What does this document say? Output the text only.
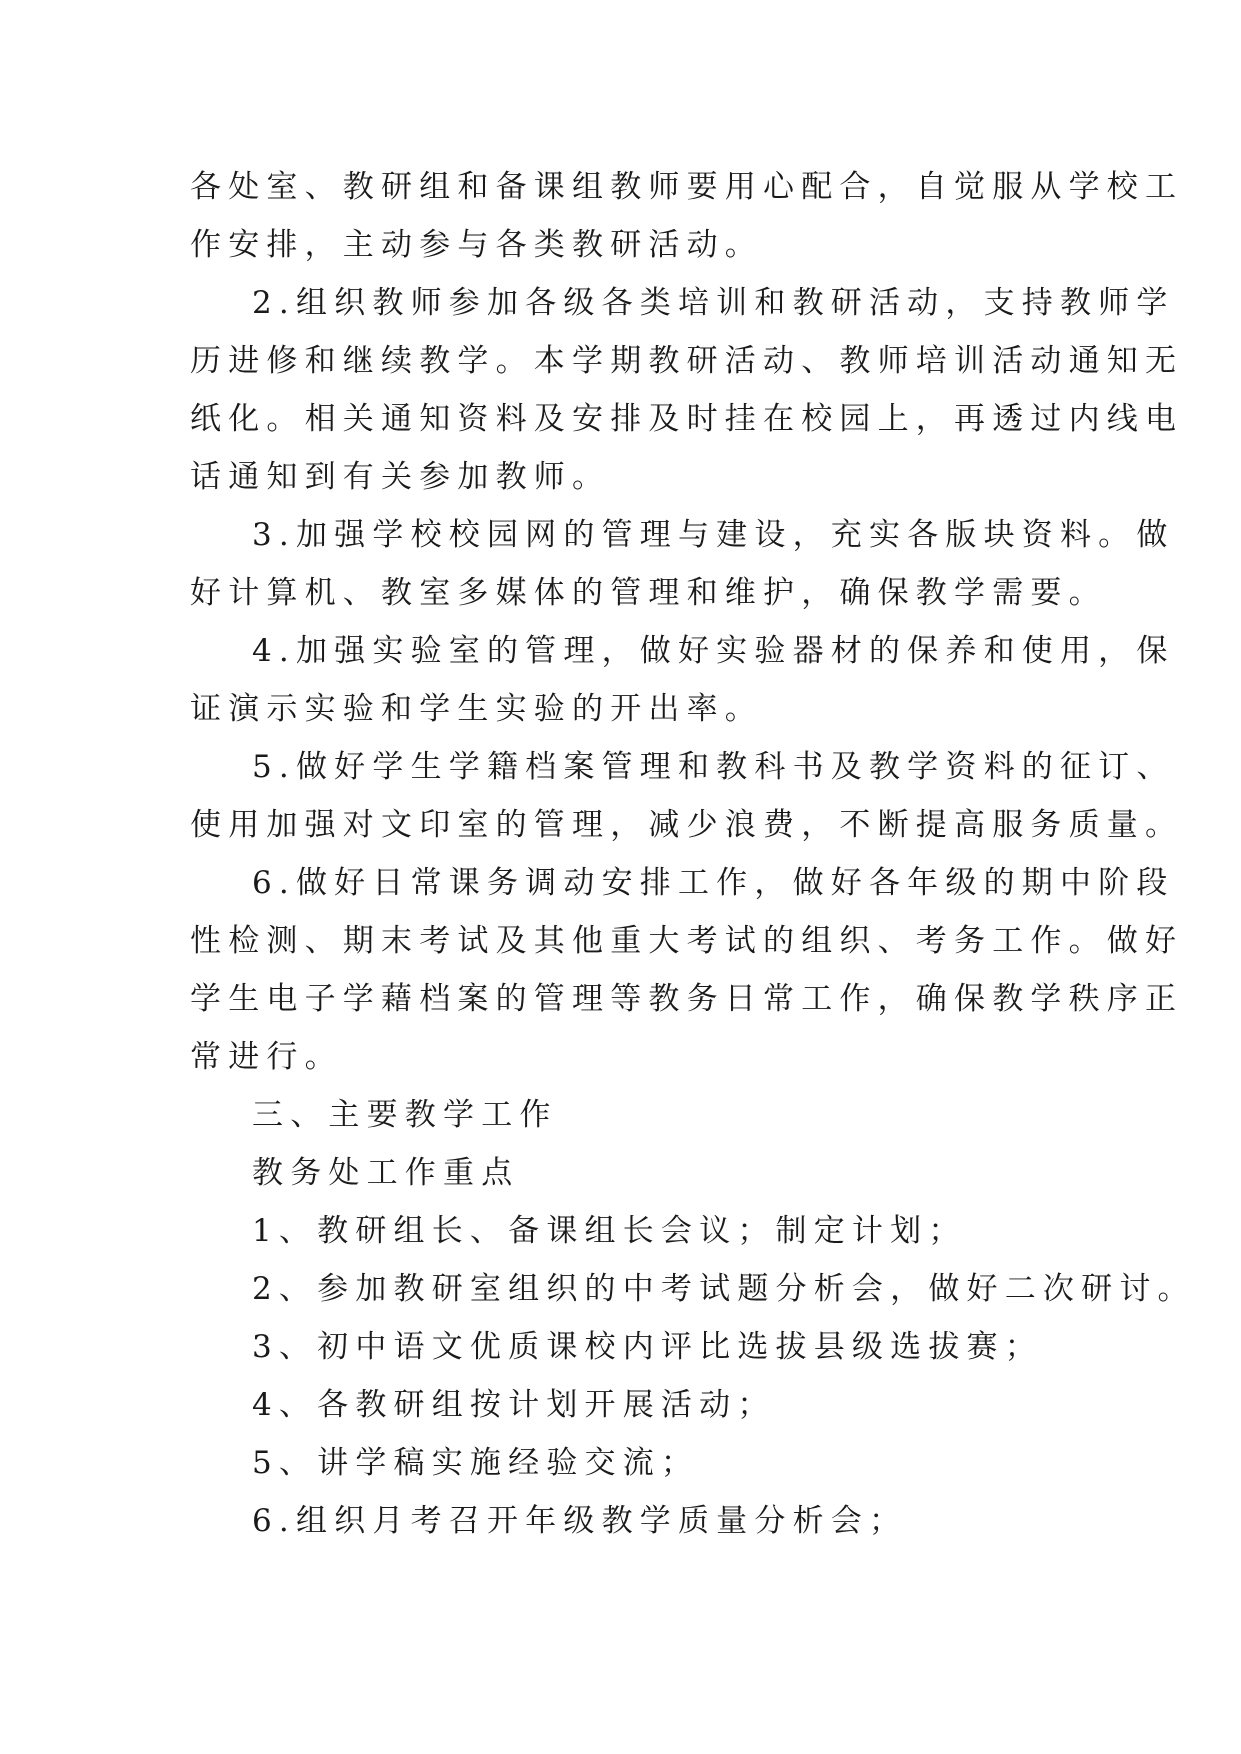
各处室、教研组和备课组教师要用心配合，自觉服从学校工
作安排，主动参与各类教研活动。
2.组织教师参加各级各类培训和教研活动，支持教师学
历进修和继续教学。本学期教研活动、教师培训活动通知无
纸化。相关通知资料及安排及时挂在校园上，再透过内线电
话通知到有关参加教师。
3.加强学校校园网的管理与建设，充实各版块资料。做
好计算机、教室多媒体的管理和维护，确保教学需要。
4.加强实验室的管理，做好实验器材的保养和使用，保
证演示实验和学生实验的开出率。
5.做好学生学籍档案管理和教科书及教学资料的征订、
使用加强对文印室的管理，减少浪费，不断提高服务质量。
6.做好日常课务调动安排工作，做好各年级的期中阶段
性检测、期末考试及其他重大考试的组织、考务工作。做好
学生电子学藉档案的管理等教务日常工作，确保教学秩序正
常进行。
三、主要教学工作
教务处工作重点
1、教研组长、备课组长会议；制定计划；
2、参加教研室组织的中考试题分析会，做好二次研讨。
3、初中语文优质课校内评比选拔县级选拔赛；
4、各教研组按计划开展活动；
5、讲学稿实施经验交流；
6.组织月考召开年级教学质量分析会；
